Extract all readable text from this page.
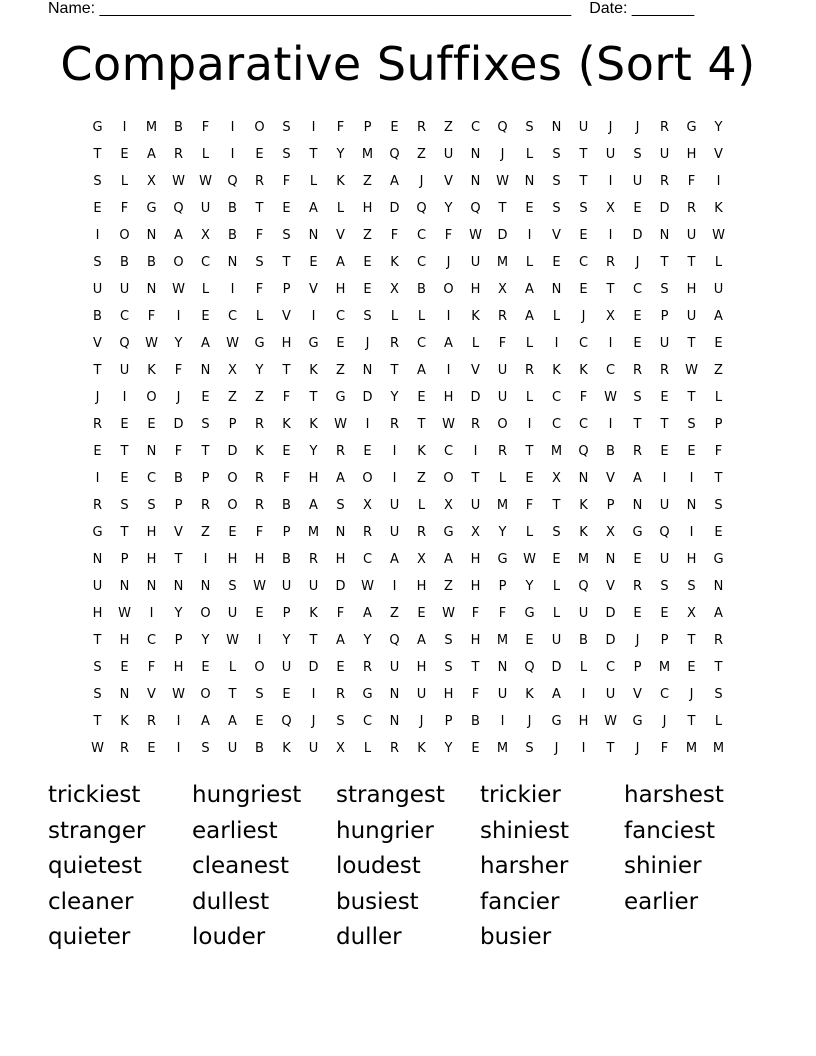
Name: _____________________________________________________ Date: _______
Comparative Suffixes (Sort 4)
G	I	M	B	F	I	O	S	I	F	P	E	R	Z	C	Q	S	N	U	J	J	R	G	Y
T	E	A	R	L	I	E	S	T	Y	M	Q	Z	U	N	J	L	S	T	U	S	U	H	V
S	L	X	W	W	Q	R	F	L	K	Z	A	J	V	N	W	N	S	T	I	U	R	F	I
E	F	G	Q	U	B	T	E	A	L	H	D	Q	Y	Q	T	E	S	S	X	E	D	R	K
I	O	N	A	X	B	F	S	N	V	Z	F	C	F	W	D	I	V	E	I	D	N	U	W
S	B	B	O	C	N	S	T	E	A	E	K	C	J	U	M	L	E	C	R	J	T	T	L
U	U	N	W	L	I	F	P	V	H	E	X	B	O	H	X	A	N	E	T	C	S	H	U
B	C	F	I	E	C	L	V	I	C	S	L	L	I	K	R	A	L	J	X	E	P	U	A
V	Q	W	Y	A	W	G	H	G	E	J	R	C	A	L	F	L	I	C	I	E	U	T	E
T	U	K	F	N	X	Y	T	K	Z	N	T	A	I	V	U	R	K	K	C	R	R	W	Z
J	I	O	J	E	Z	Z	F	T	G	D	Y	E	H	D	U	L	C	F	W	S	E	T	L
R	E	E	D	S	P	R	K	K	W	I	R	T	W	R	O	I	C	C	I	T	T	S	P
E	T	N	F	T	D	K	E	Y	R	E	I	K	C	I	R	T	M	Q	B	R	E	E	F
I	E	C	B	P	O	R	F	H	A	O	I	Z	O	T	L	E	X	N	V	A	I	I	T
R	S	S	P	R	O	R	B	A	S	X	U	L	X	U	M	F	T	K	P	N	U	N	S
G	T	H	V	Z	E	F	P	M	N	R	U	R	G	X	Y	L	S	K	X	G	Q	I	E
N	P	H	T	I	H	H	B	R	H	C	A	X	A	H	G	W	E	M	N	E	U	H	G
U	N	N	N	N	S	W	U	U	D	W	I	H	Z	H	P	Y	L	Q	V	R	S	S	N
H	W	I	Y	O	U	E	P	K	F	A	Z	E	W	F	F	G	L	U	D	E	E	X	A
T	H	C	P	Y	W	I	Y	T	A	Y	Q	A	S	H	M	E	U	B	D	J	P	T	R
S	E	F	H	E	L	O	U	D	E	R	U	H	S	T	N	Q	D	L	C	P	M	E	T
S	N	V	W	O	T	S	E	I	R	G	N	U	H	F	U	K	A	I	U	V	C	J	S
T	K	R	I	A	A	E	Q	J	S	C	N	J	P	B	I	J	G	H	W	G	J	T	L
W	R	E	I	S	U	B	K	U	X	L	R	K	Y	E	M	S	J	I	T	J	F	M	M
trickiest	hungriest	strangest	trickier	harshest
stranger	earliest	hungrier	shiniest	fanciest
quietest	cleanest	loudest	harsher	shinier
cleaner	dullest	busiest	fancier	earlier
quieter	louder	duller	busier
